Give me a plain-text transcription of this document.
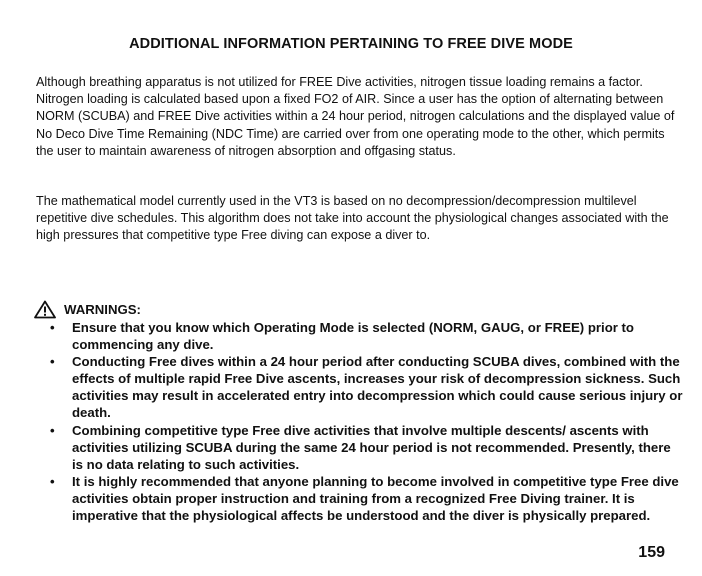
ADDITIONAL INFORMATION PERTAINING TO FREE DIVE MODE
Although breathing apparatus is not utilized for FREE Dive activities, nitrogen tissue loading remains a factor. Nitrogen loading is calculated based upon a fixed FO2 of AIR. Since a user has the option of alternating between NORM (SCUBA) and FREE Dive activities within a 24 hour period, nitrogen calculations and the displayed value of No Deco Dive Time Remaining (NDC Time) are carried over from one operating mode to the other, which permits the user to maintain awareness of nitrogen absorption and offgasing status.
The mathematical model currently used in the VT3 is based on no decompression/decompression multilevel repetitive dive schedules. This algorithm does not take into account the physiological changes associated with the high pressures that competitive type Free diving can expose a diver to.
WARNINGS:
• Ensure that you know which Operating Mode is selected (NORM, GAUG, or FREE) prior to commencing any dive.
• Conducting Free dives within a 24 hour period after conducting SCUBA dives, combined with the effects of multiple rapid Free Dive ascents, increases your risk of decompression sickness. Such activities may result in accelerated entry into decompression which could cause serious injury or death.
• Combining competitive type Free dive activities that involve multiple descents/ ascents with activities utilizing SCUBA during the same 24 hour period is not recommended. Presently, there is no data relating to such activities.
• It is highly recommended that anyone planning to become involved in competitive type Free dive activities obtain proper instruction and training from a recognized Free Diving trainer. It is imperative that the physiological affects be understood and the diver is physically prepared.
159
